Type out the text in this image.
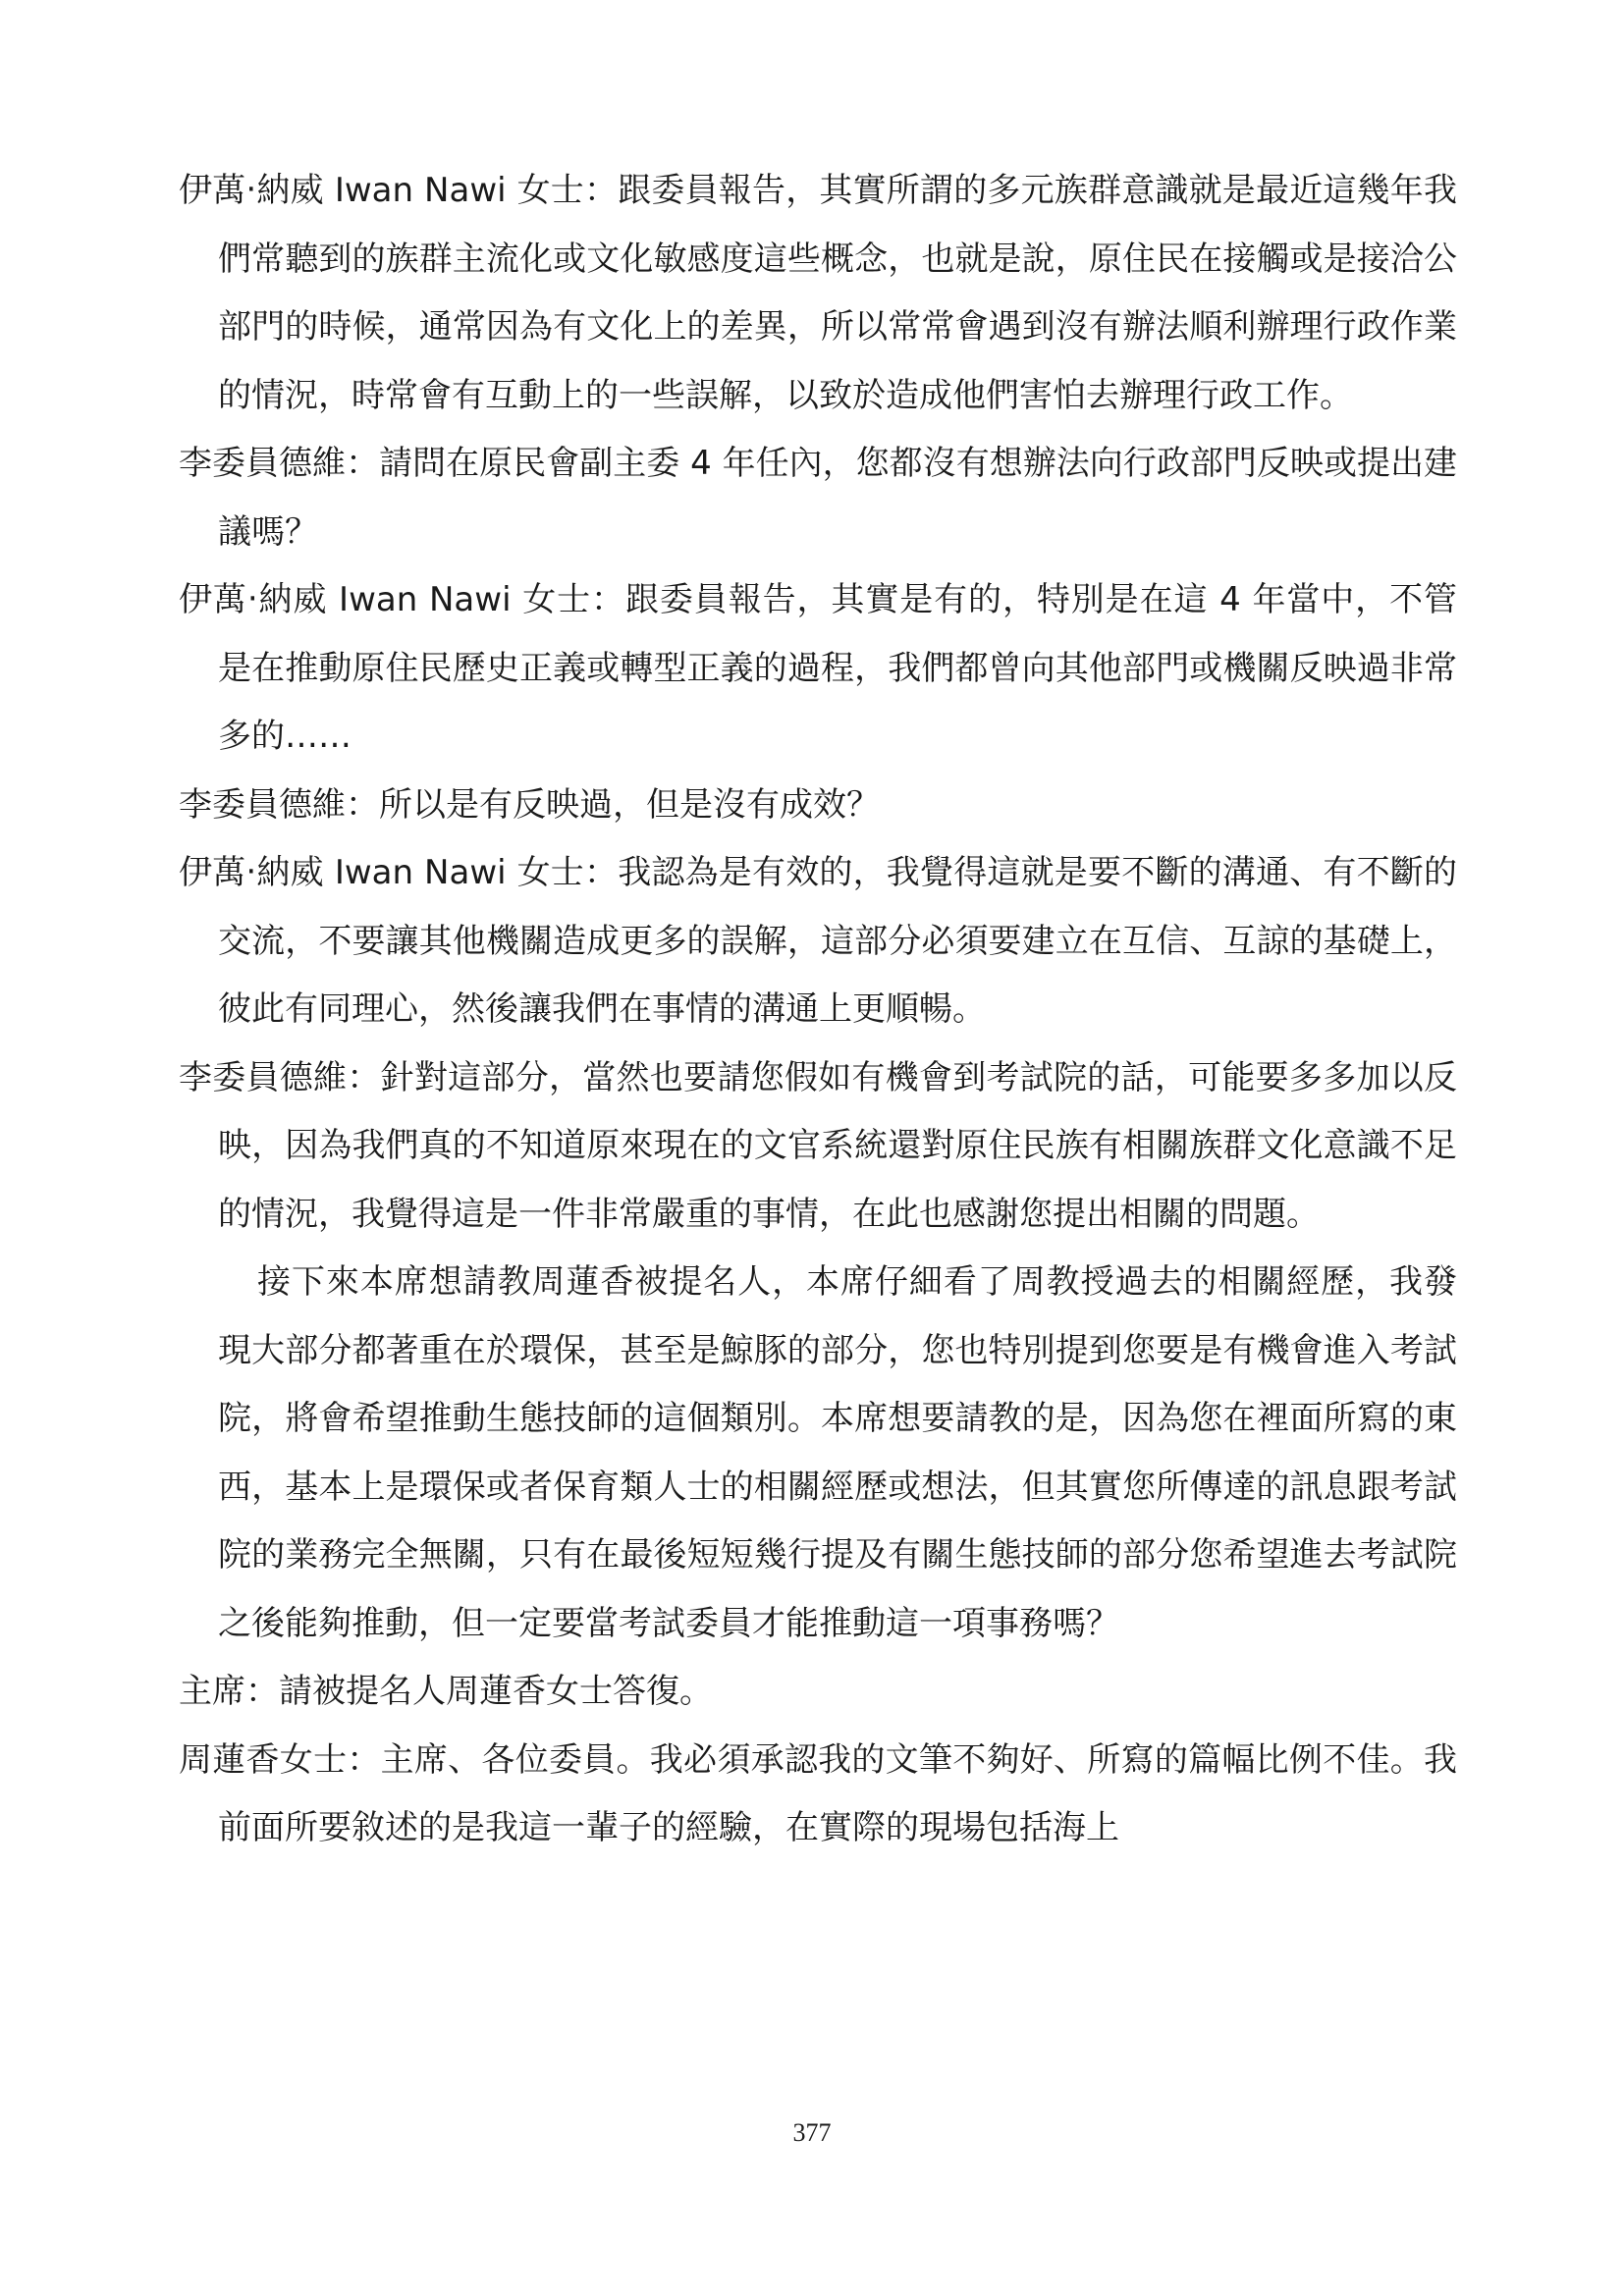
伊萬‧納威 Iwan Nawi 女士：跟委員報告，其實所謂的多元族群意識就是最近這幾年我們常聽到的族群主流化或文化敏感度這些概念，也就是說，原住民在接觸或是接洽公部門的時候，通常因為有文化上的差異，所以常常會遇到沒有辦法順利辦理行政作業的情況，時常會有互動上的一些誤解，以致於造成他們害怕去辦理行政工作。

李委員德維：請問在原民會副主委 4 年任內，您都沒有想辦法向行政部門反映或提出建議嗎？

伊萬‧納威 Iwan Nawi 女士：跟委員報告，其實是有的，特別是在這 4 年當中，不管是在推動原住民歷史正義或轉型正義的過程，我們都曾向其他部門或機關反映過非常多的……

李委員德維：所以是有反映過，但是沒有成效？

伊萬‧納威 Iwan Nawi 女士：我認為是有效的，我覺得這就是要不斷的溝通、有不斷的交流，不要讓其他機關造成更多的誤解，這部分必須要建立在互信、互諒的基礎上，彼此有同理心，然後讓我們在事情的溝通上更順暢。

李委員德維：針對這部分，當然也要請您假如有機會到考試院的話，可能要多多加以反映，因為我們真的不知道原來現在的文官系統還對原住民族有相關族群文化意識不足的情況，我覺得這是一件非常嚴重的事情，在此也感謝您提出相關的問題。

接下來本席想請教周蓮香被提名人，本席仔細看了周教授過去的相關經歷，我發現大部分都著重在於環保，甚至是鯨豚的部分，您也特別提到您要是有機會進入考試院，將會希望推動生態技師的這個類別。本席想要請教的是，因為您在裡面所寫的東西，基本上是環保或者保育類人士的相關經歷或想法，但其實您所傳達的訊息跟考試院的業務完全無關，只有在最後短短幾行提及有關生態技師的部分您希望進去考試院之後能夠推動，但一定要當考試委員才能推動這一項事務嗎？

主席：請被提名人周蓮香女士答復。

周蓮香女士：主席、各位委員。我必須承認我的文筆不夠好、所寫的篇幅比例不佳。我前面所要敘述的是我這一輩子的經驗，在實際的現場包括海上

377
